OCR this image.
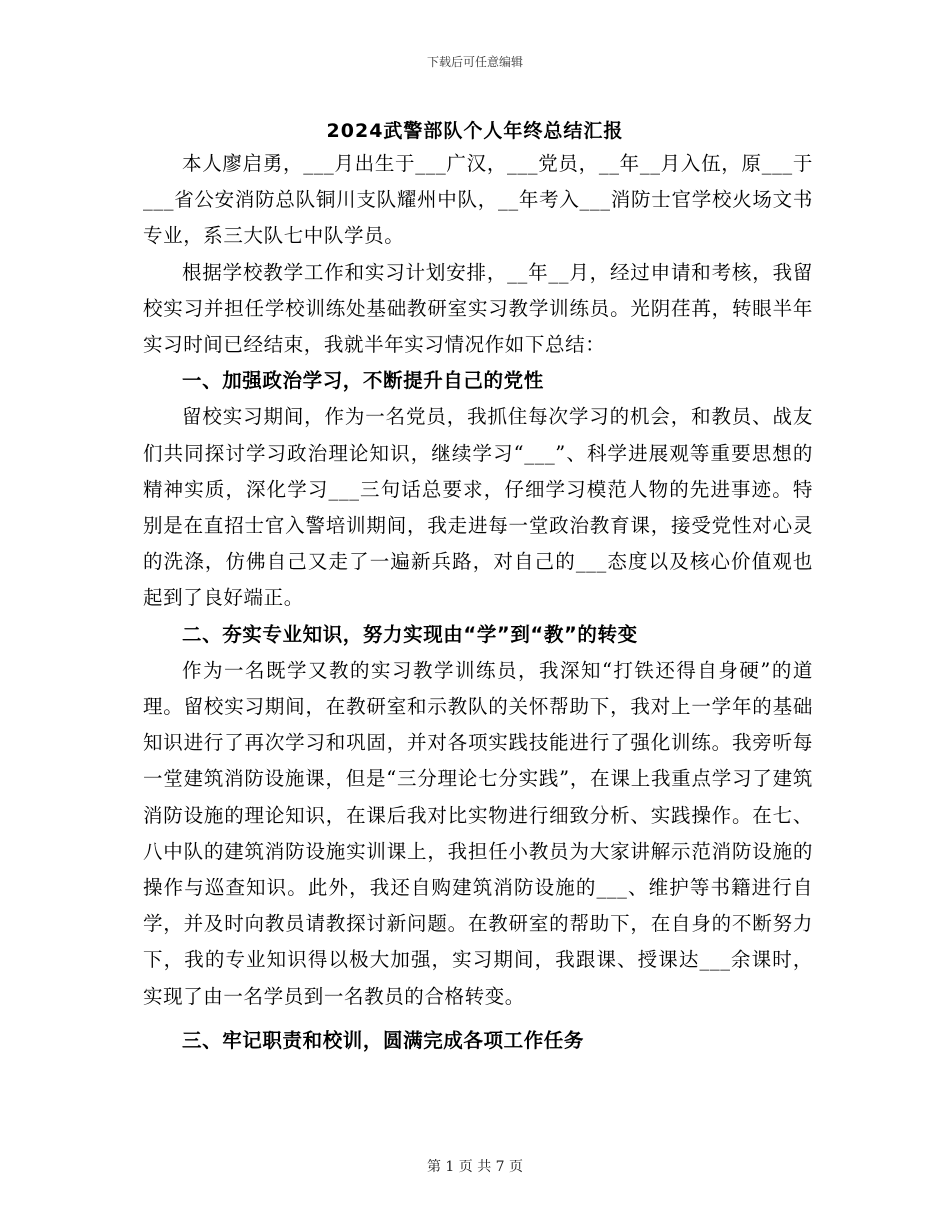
下载后可任意编辑
2024武警部队个人年终总结汇报

本人廖启勇，___月出生于___广汉，___党员，__年__月入伍，原___于___省公安消防总队铜川支队耀州中队，__年考入___消防士官学校火场文书专业，系三大队七中队学员。

根据学校教学工作和实习计划安排，__年__月，经过申请和考核，我留校实习并担任学校训练处基础教研室实习教学训练员。光阴荏苒，转眼半年实习时间已经结束，我就半年实习情况作如下总结：

一、加强政治学习，不断提升自己的党性

留校实习期间，作为一名党员，我抓住每次学习的机会，和教员、战友们共同探讨学习政治理论知识，继续学习“___”、科学进展观等重要思想的精神实质，深化学习___三句话总要求，仔细学习模范人物的先进事迹。特别是在直招士官入警培训期间，我走进每一堂政治教育课，接受党性对心灵的洗涤，仿佛自己又走了一遍新兵路，对自己的___态度以及核心价值观也起到了良好端正。

二、夯实专业知识，努力实现由“学”到“教”的转变

作为一名既学又教的实习教学训练员，我深知“打铁还得自身硬”的道理。留校实习期间，在教研室和示教队的关怀帮助下，我对上一学年的基础知识进行了再次学习和巩固，并对各项实践技能进行了强化训练。我旁听每一堂建筑消防设施课，但是“三分理论七分实践”，在课上我重点学习了建筑消防设施的理论知识，在课后我对比实物进行细致分析、实践操作。在七、八中队的建筑消防设施实训课上，我担任小教员为大家讲解示范消防设施的操作与巡查知识。此外，我还自购建筑消防设施的___、维护等书籍进行自学，并及时向教员请教探讨新问题。在教研室的帮助下，在自身的不断努力下，我的专业知识得以极大加强，实习期间，我跟课、授课达___余课时，实现了由一名学员到一名教员的合格转变。

三、牢记职责和校训，圆满完成各项工作任务

第 1 页 共 7 页
